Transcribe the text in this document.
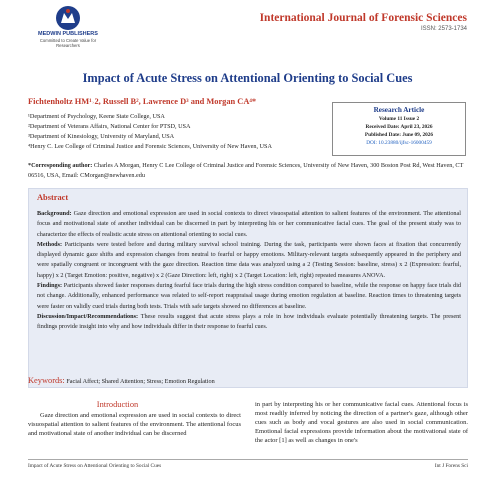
MEDWIN PUBLISHERS
Committed to Create Value for Researchers
International Journal of Forensic Sciences
ISSN: 2573-1734
Impact of Acute Stress on Attentional Orienting to Social Cues
Fichtenholtz HM¹˒2, Russell B², Lawrence D³ and Morgan CA⁴*
¹Department of Psychology, Keene State College, USA
²Department of Veterans Affairs, National Center for PTSD, USA
³Department of Kinesiology, University of Maryland, USA
⁴Henry C. Lee College of Criminal Justice and Forensic Sciences, University of New Haven, USA
Research Article
Volume 11 Issue 2
Received Date: April 23, 2026
Published Date: June 09, 2026
DOI: 10.23880/ijfsc-16000459
*Corresponding author: Charles A Morgan, Henry C Lee College of Criminal Justice and Forensic Sciences, University of New Haven, 300 Boston Post Rd, West Haven, CT 06516, USA, Email: CMorgan@newhaven.edu
Abstract

Background: Gaze direction and emotional expression are used in social contexts to direct visuospatial attention to salient features of the environment. The attentional focus and motivational state of another individual can be discerned in part by interpreting his or her communicative facial cues. The goal of the present study was to characterize the effects of realistic acute stress on attentional orienting to social cues.

Methods: Participants were tested before and during military survival school training. During the task, participants were shown faces at fixation that concurrently displayed dynamic gaze shifts and expression changes from neutral to fearful or happy emotions. Military-relevant targets subsequently appeared in the periphery and were spatially congruent or incongruent with the gaze direction. Reaction time data was analyzed using a 2 (Testing Session: baseline, stress) x 2 (Expression: fearful, happy) x 2 (Target Emotion: positive, negative) x 2 (Gaze Direction: left, right) x 2 (Target Location: left, right) repeated measures ANOVA.

Findings: Participants showed faster responses during fearful face trials during the high stress condition compared to baseline, while the response on happy face trials did not change. Additionally, enhanced performance was related to self-report reappraisal usage during emotion regulation at baseline. Reaction times to threatening targets were faster on validly cued trials during both tests. Trials with safe targets showed no differences at baseline.

Discussion/Impact/Recommendations: These results suggest that acute stress plays a role in how individuals evaluate potentially threatening targets. The present findings provide insight into why and how individuals differ in their response to fearful cues.

Keywords: Facial Affect; Shared Attention; Stress; Emotion Regulation
Introduction

Gaze direction and emotional expression are used in social contexts to direct visuospatial attention to salient features of the environment. The attentional focus and motivational state of another individual can be discerned

in part by interpreting his or her communicative facial cues. Attentional focus is most readily inferred by noticing the direction of a partner's gaze, although other cues such as body and vocal gestures are also used in social communication. Emotional facial expressions provide information about the motivational state of the actor [1] as well as changes in one's

Impact of Acute Stress on Attentional Orienting to Social Cues	Int J Forens Sci
